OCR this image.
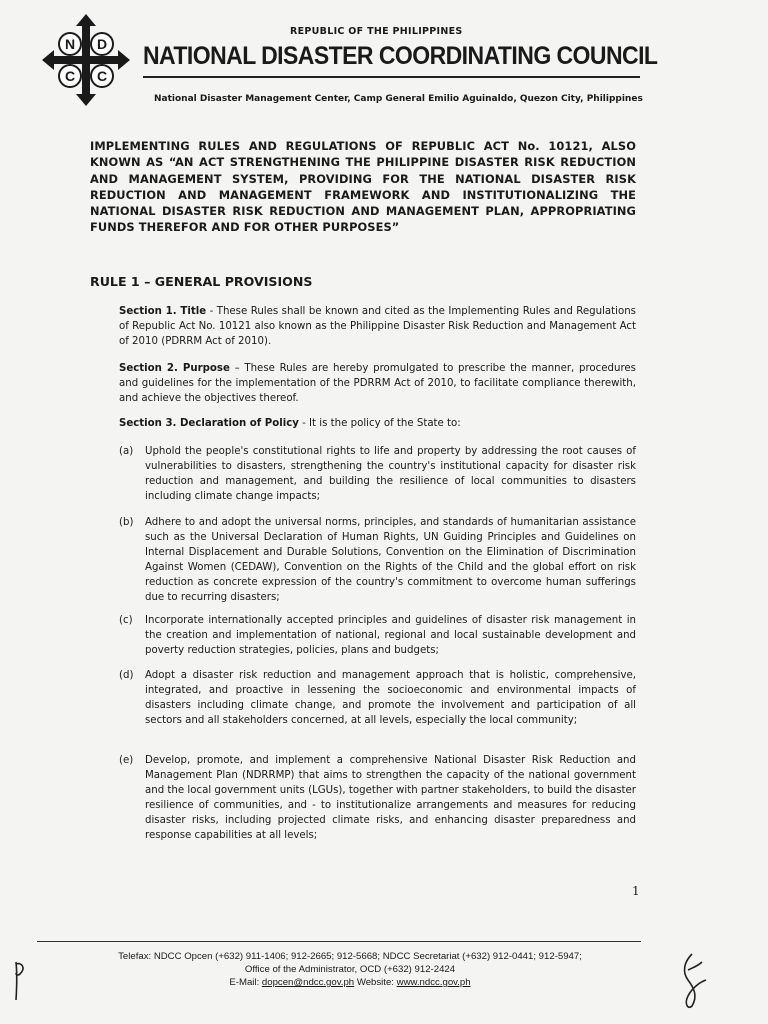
N D
C C
REPUBLIC OF THE PHILIPPINES
NATIONAL DISASTER COORDINATING COUNCIL
National Disaster Management Center, Camp General Emilio Aguinaldo, Quezon City, Philippines
IMPLEMENTING RULES AND REGULATIONS OF REPUBLIC ACT No. 10121, ALSO KNOWN AS “AN ACT STRENGTHENING THE PHILIPPINE DISASTER RISK REDUCTION AND MANAGEMENT SYSTEM, PROVIDING FOR THE NATIONAL DISASTER RISK REDUCTION AND MANAGEMENT FRAMEWORK AND INSTITUTIONALIZING THE NATIONAL DISASTER RISK REDUCTION AND MANAGEMENT PLAN, APPROPRIATING FUNDS THEREFOR AND FOR OTHER PURPOSES”
RULE 1 – GENERAL PROVISIONS
Section 1. Title - These Rules shall be known and cited as the Implementing Rules and Regulations of Republic Act No. 10121 also known as the Philippine Disaster Risk Reduction and Management Act of 2010 (PDRRM Act of 2010).
Section 2. Purpose – These Rules are hereby promulgated to prescribe the manner, procedures and guidelines for the implementation of the PDRRM Act of 2010, to facilitate compliance therewith, and achieve the objectives thereof.
Section 3. Declaration of Policy - It is the policy of the State to:
(a)	Uphold the people's constitutional rights to life and property by addressing the root causes of vulnerabilities to disasters, strengthening the country's institutional capacity for disaster risk reduction and management, and building the resilience of local communities to disasters including climate change impacts;
(b)	Adhere to and adopt the universal norms, principles, and standards of humanitarian assistance such as the Universal Declaration of Human Rights, UN Guiding Principles and Guidelines on Internal Displacement and Durable Solutions, Convention on the Elimination of Discrimination Against Women (CEDAW), Convention on the Rights of the Child and the global effort on risk reduction as concrete expression of the country's commitment to overcome human sufferings due to recurring disasters;
(c)	Incorporate internationally accepted principles and guidelines of disaster risk management in the creation and implementation of national, regional and local sustainable development and poverty reduction strategies, policies, plans and budgets;
(d)	Adopt a disaster risk reduction and management approach that is holistic, comprehensive, integrated, and proactive in lessening the socioeconomic and environmental impacts of disasters including climate change, and promote the involvement and participation of all sectors and all stakeholders concerned, at all levels, especially the local community;
(e)	Develop, promote, and implement a comprehensive National Disaster Risk Reduction and Management Plan (NDRRMP) that aims to strengthen the capacity of the national government and the local government units (LGUs), together with partner stakeholders, to build the disaster resilience of communities, and - to institutionalize arrangements and measures for reducing disaster risks, including projected climate risks, and enhancing disaster preparedness and response capabilities at all levels;
1
Telefax: NDCC Opcen (+632) 911-1406; 912-2665; 912-5668; NDCC Secretariat (+632) 912-0441; 912-5947;
Office of the Administrator, OCD (+632) 912-2424
E-Mail: dopcen@ndcc.gov.ph Website: www.ndcc.gov.ph
